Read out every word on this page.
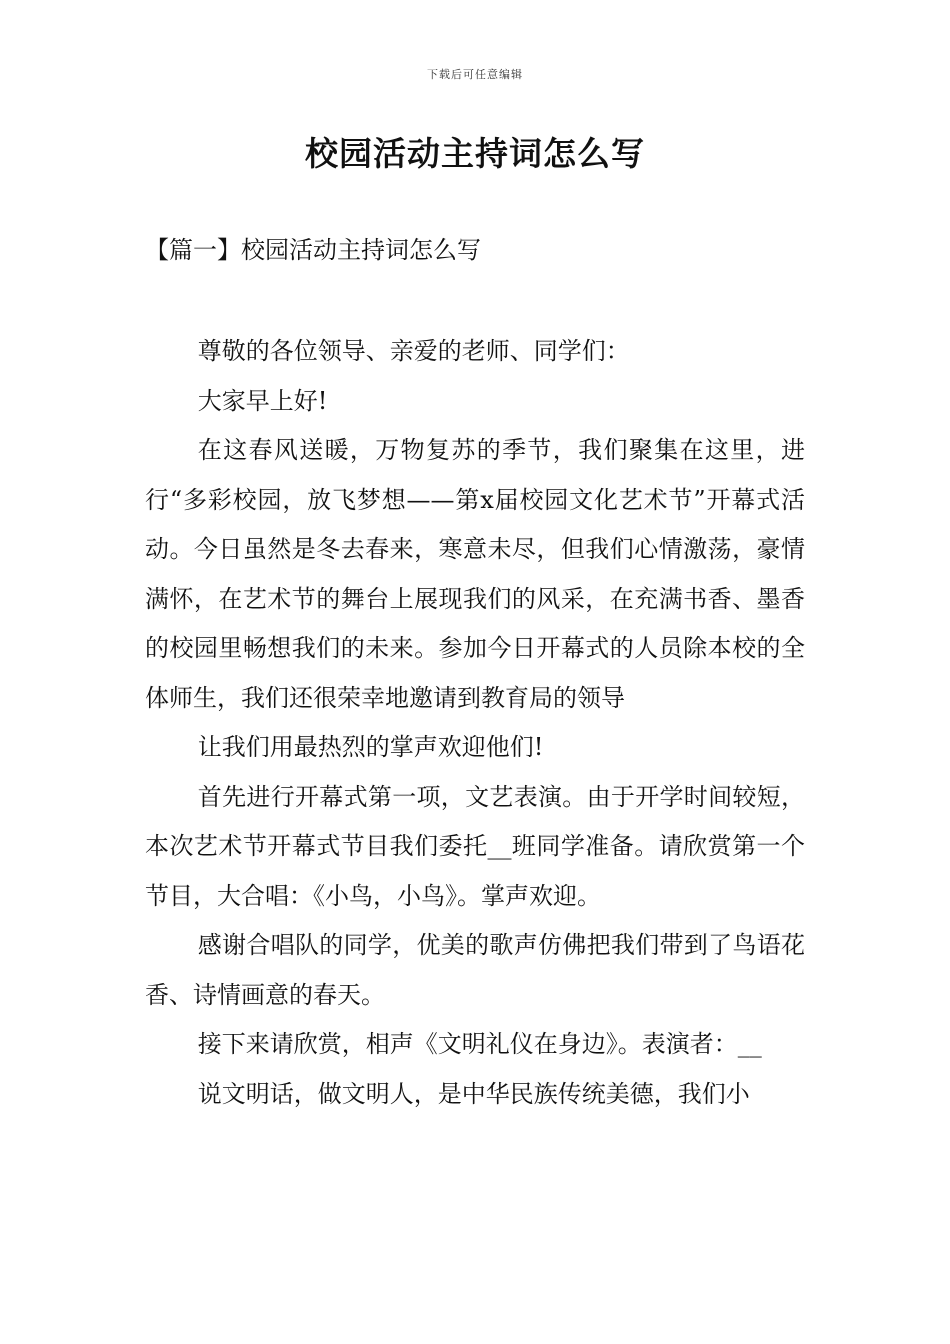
下载后可任意编辑
校园活动主持词怎么写
【篇一】校园活动主持词怎么写

尊敬的各位领导、亲爱的老师、同学们：

大家早上好!

在这春风送暖，万物复苏的季节，我们聚集在这里，进行“多彩校园，放飞梦想——第x届校园文化艺术节”开幕式活动。今日虽然是冬去春来，寒意未尽，但我们心情激荡，豪情满怀，在艺术节的舞台上展现我们的风采，在充满书香、墨香的校园里畅想我们的未来。参加今日开幕式的人员除本校的全体师生，我们还很荣幸地邀请到教育局的领导

让我们用最热烈的掌声欢迎他们!

首先进行开幕式第一项，文艺表演。由于开学时间较短，本次艺术节开幕式节目我们委托__班同学准备。请欣赏第一个节目，大合唱：《小鸟，小鸟》。掌声欢迎。

感谢合唱队的同学，优美的歌声仿佛把我们带到了鸟语花香、诗情画意的春天。

接下来请欣赏，相声《文明礼仪在身边》。表演者：__

说文明话，做文明人，是中华民族传统美德，我们小
